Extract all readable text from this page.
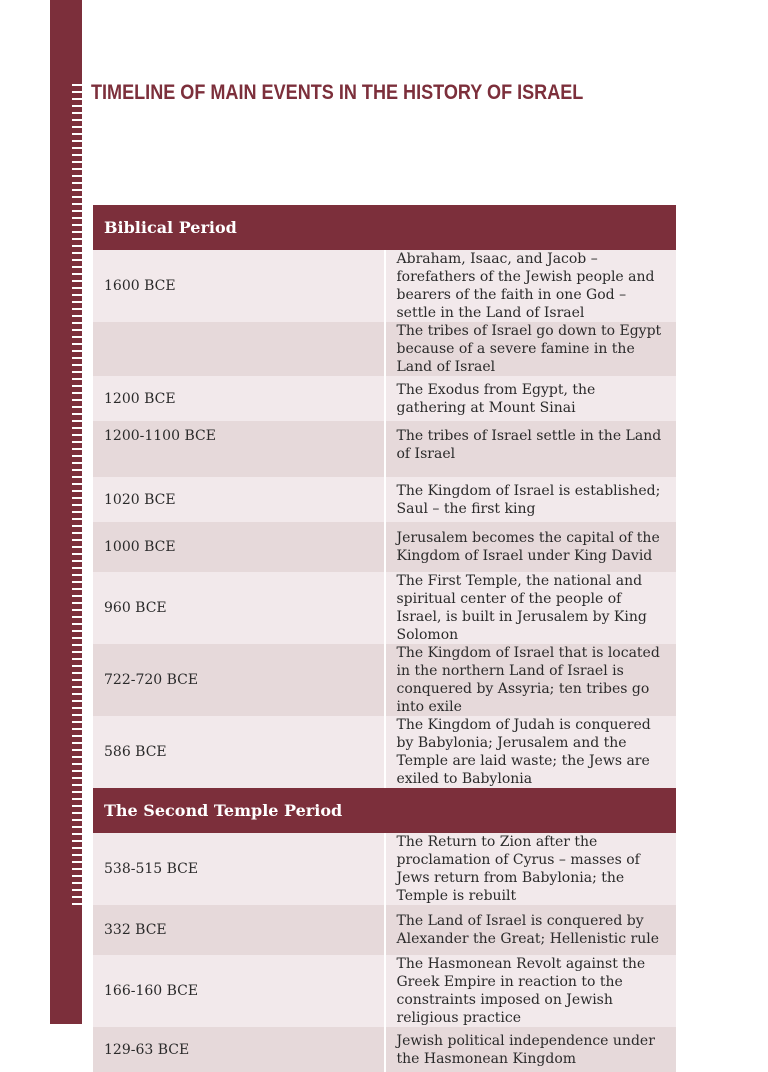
TIMELINE OF MAIN EVENTS IN THE HISTORY OF ISRAEL
Biblical Period	
1600 BCE	Abraham, Isaac, and Jacob – forefathers of the Jewish people and bearers of the faith in one God – settle in the Land of Israel
	The tribes of Israel go down to Egypt because of a severe famine in the Land of Israel
1200 BCE	The Exodus from Egypt, the gathering at Mount Sinai
1200-1100 BCE	The tribes of Israel settle in the Land of Israel
1020 BCE	The Kingdom of Israel is established; Saul – the first king
1000 BCE	Jerusalem becomes the capital of the Kingdom of Israel under King David
960 BCE	The First Temple, the national and spiritual center of the people of Israel, is built in Jerusalem by King Solomon
722-720 BCE	The Kingdom of Israel that is located in the northern Land of Israel is conquered by Assyria; ten tribes go into exile
586 BCE	The Kingdom of Judah is conquered by Babylonia; Jerusalem and the Temple are laid waste; the Jews are exiled to Babylonia
The Second Temple Period	
538-515 BCE	The Return to Zion after the proclamation of Cyrus – masses of Jews return from Babylonia; the Temple is rebuilt
332 BCE	The Land of Israel is conquered by Alexander the Great; Hellenistic rule
166-160 BCE	The Hasmonean Revolt against the Greek Empire in reaction to the constraints imposed on Jewish religious practice
129-63 BCE	Jewish political independence under the Hasmonean Kingdom
